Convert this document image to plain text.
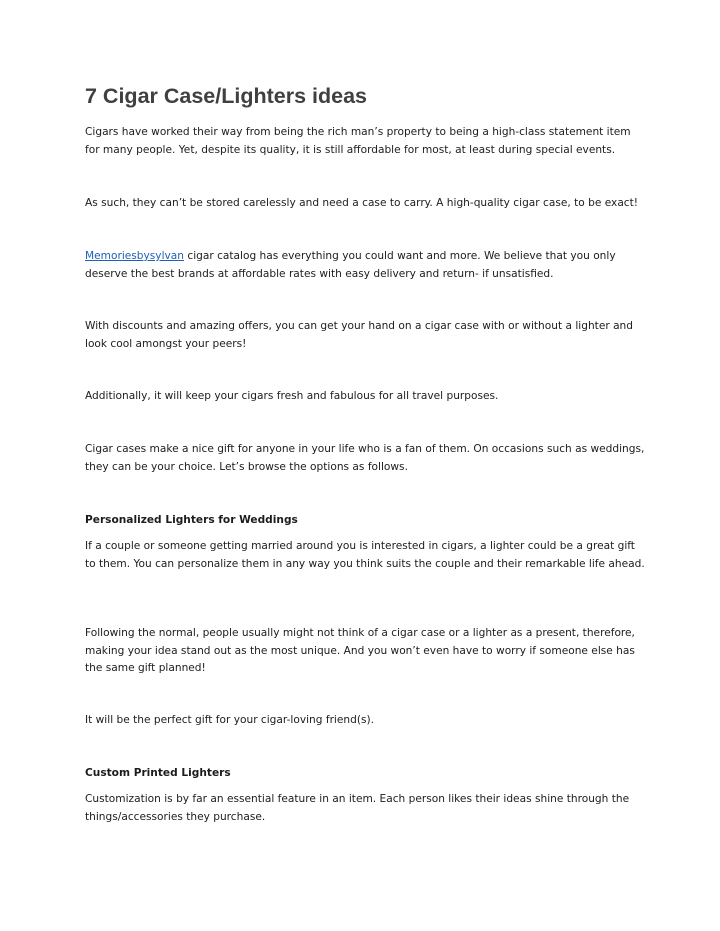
7 Cigar Case/Lighters ideas

Cigars have worked their way from being the rich man’s property to being a high-class statement item for many people. Yet, despite its quality, it is still affordable for most, at least during special events.

As such, they can’t be stored carelessly and need a case to carry. A high-quality cigar case, to be exact!

Memoriesbysylvan cigar catalog has everything you could want and more. We believe that you only deserve the best brands at affordable rates with easy delivery and return- if unsatisfied.

With discounts and amazing offers, you can get your hand on a cigar case with or without a lighter and look cool amongst your peers!

Additionally, it will keep your cigars fresh and fabulous for all travel purposes.

Cigar cases make a nice gift for anyone in your life who is a fan of them. On occasions such as weddings, they can be your choice. Let’s browse the options as follows.

Personalized Lighters for Weddings

If a couple or someone getting married around you is interested in cigars, a lighter could be a great gift to them. You can personalize them in any way you think suits the couple and their remarkable life ahead.

Following the normal, people usually might not think of a cigar case or a lighter as a present, therefore, making your idea stand out as the most unique. And you won’t even have to worry if someone else has the same gift planned!

It will be the perfect gift for your cigar-loving friend(s).

Custom Printed Lighters

Customization is by far an essential feature in an item. Each person likes their ideas shine through the things/accessories they purchase.
